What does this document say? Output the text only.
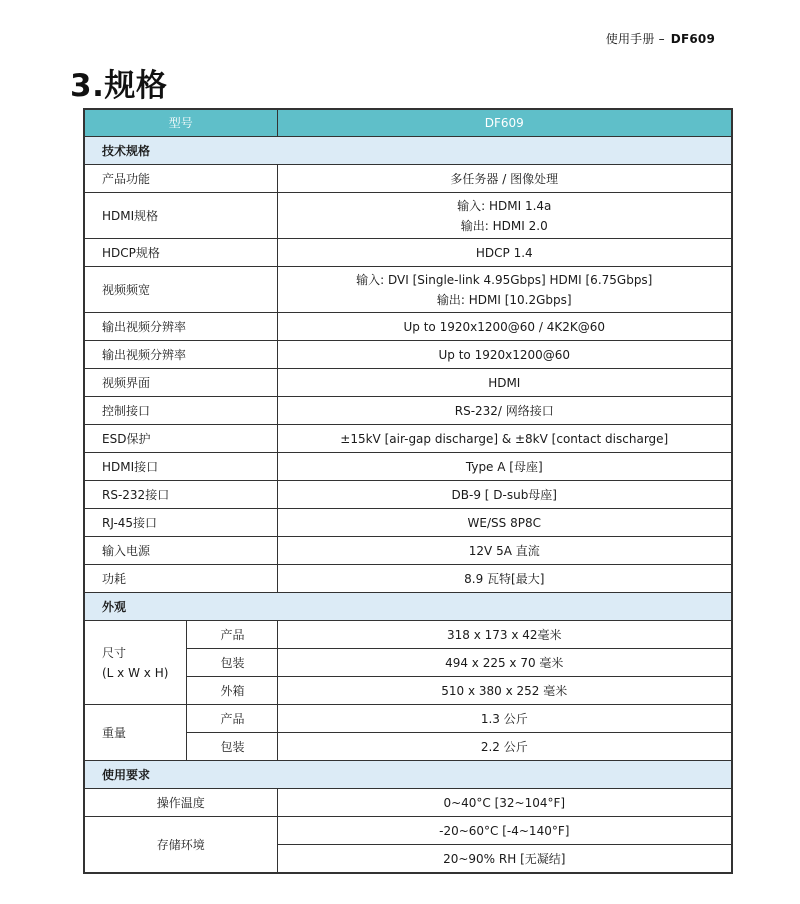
使用手册 – DF609
3.规格
型号		DF609
技术规格		
产品功能		多任务器 / 图像处理
HDMI规格		输入: HDMI 1.4a
输出: HDMI 2.0

HDCP规格		HDCP 1.4
视频频宽		输入: DVI [Single-link 4.95Gbps] HDMI [6.75Gbps]
输出: HDMI [10.2Gbps]

输出视频分辨率		Up to 1920x1200@60 / 4K2K@60
输出视频分辨率		Up to 1920x1200@60
视频界面		HDMI
控制接口		RS-232/ 网络接口
ESD保护		±15kV [air-gap discharge] & ±8kV [contact discharge]
HDMI接口		Type A [母座]
RS-232接口		DB-9 [ D-sub母座]
RJ-45接口		WE/SS 8P8C
输入电源		12V 5A 直流
功耗		8.9 瓦特[最大]
外观		

尺寸
(L x W x H)	产品	318 x 173 x 42毫米
	包装	494 x 225 x 70 毫米
	外箱	510 x 380 x 252 毫米
重量	产品	1.3 公斤
	包装	2.2 公斤
使用要求		
操作温度		0~40°C [32~104°F]
存储环境		-20~60°C [-4~140°F]
		20~90% RH [无凝结]
